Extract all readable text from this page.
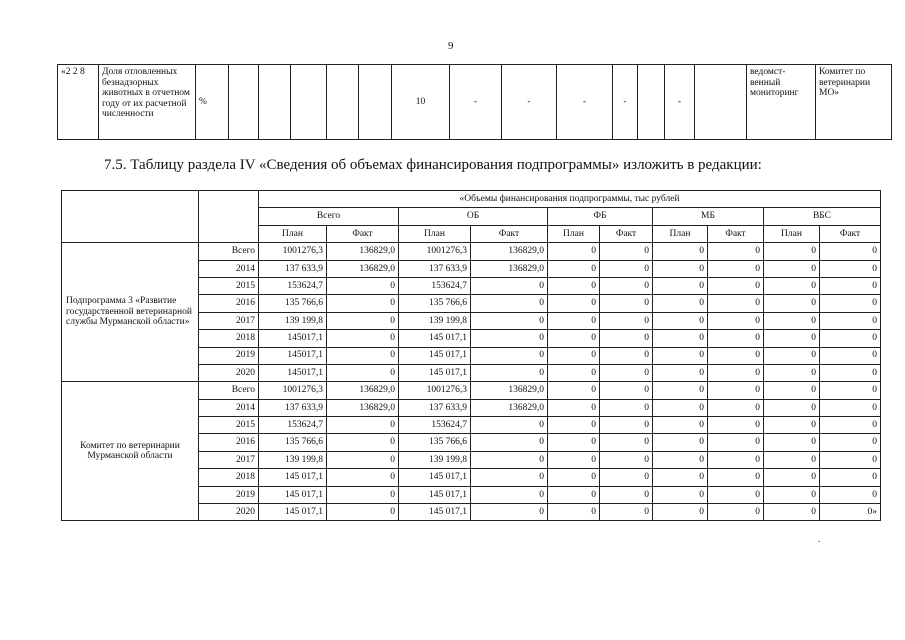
9
«2 2 8	Доля отловленных безнадзорных животных в отчетном году от их расчетной численности	%						10	-	-	-	-		-		ведомст-венный мониторинг	Комитет по ветеринарии МО»
7.5. Таблицу раздела IV «Сведения об объемах финансирования подпрограммы» изложить в редакции:
		«Объемы финансирования подпрограммы, тыс рублей									
		Всего		ОБ		ФБ		МБ		ВБС	
		План	Факт	План	Факт	План	Факт	План	Факт	План	Факт
Подпрограмма 3 «Развитие государственной ветеринарной службы Мурманской области»	Всего	1001276,3	136829,0	1001276,3	136829,0	0	0	0	0	0	0
	2014	137 633,9	136829,0	137 633,9	136829,0	0	0	0	0	0	0
	2015	153624,7	0	153624,7	0	0	0	0	0	0	0
	2016	135 766,6	0	135 766,6	0	0	0	0	0	0	0
	2017	139 199,8	0	139 199,8	0	0	0	0	0	0	0
	2018	145017,1	0	145 017,1	0	0	0	0	0	0	0
	2019	145017,1	0	145 017,1	0	0	0	0	0	0	0
	2020	145017,1	0	145 017,1	0	0	0	0	0	0	0
Комитет по ветеринарии Мурманской области	Всего	1001276,3	136829,0	1001276,3	136829,0	0	0	0	0	0	0
	2014	137 633,9	136829,0	137 633,9	136829,0	0	0	0	0	0	0
	2015	153624,7	0	153624,7	0	0	0	0	0	0	0
	2016	135 766,6	0	135 766,6	0	0	0	0	0	0	0
	2017	139 199,8	0	139 199,8	0	0	0	0	0	0	0
	2018	145 017,1	0	145 017,1	0	0	0	0	0	0	0
	2019	145 017,1	0	145 017,1	0	0	0	0	0	0	0
	2020	145 017,1	0	145 017,1	0	0	0	0	0	0	0»
.
